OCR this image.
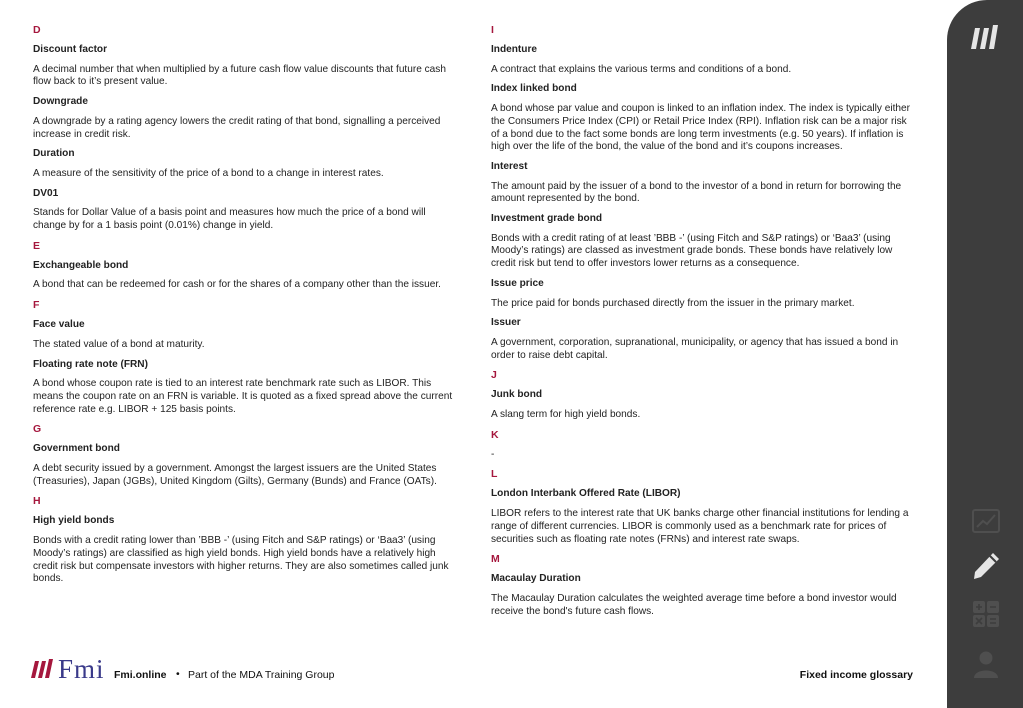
D
Discount factor
A decimal number that when multiplied by a future cash flow value discounts that future cash flow back to it’s present value.
Downgrade
A downgrade by a rating agency lowers the credit rating of that bond, signalling a perceived increase in credit risk.
Duration
A measure of the sensitivity of the price of a bond to a change in interest rates.
DV01
Stands for Dollar Value of a basis point and measures how much the price of a bond will change by for a 1 basis point (0.01%) change in yield.
E
Exchangeable bond
A bond that can be redeemed for cash or for the shares of a company other than the issuer.
F
Face value
The stated value of a bond at maturity.
Floating rate note (FRN)
A bond whose coupon rate is tied to an interest rate benchmark rate such as LIBOR. This means the coupon rate on an FRN is variable. It is quoted as a fixed spread above the current reference rate e.g. LIBOR + 125 basis points.
G
Government bond
A debt security issued by a government. Amongst the largest issuers are the United States (Treasuries), Japan (JGBs), United Kingdom (Gilts), Germany (Bunds) and France (OATs).
H
High yield bonds
Bonds with a credit rating lower than ’BBB -’ (using Fitch and S&P ratings) or ‘Baa3’ (using Moody’s ratings) are classified as high yield bonds. High yield bonds have a relatively high credit risk but compensate investors with higher returns. They are also sometimes called junk bonds.
I
Indenture
A contract that explains the various terms and conditions of a bond.
Index linked bond
A bond whose par value and coupon is linked to an inflation index. The index is typically either the Consumers Price Index (CPI) or Retail Price Index (RPI). Inflation risk can be a major risk of a bond due to the fact some bonds are long term investments (e.g. 50 years). If inflation is high over the life of the bond, the value of the bond and it’s coupons increases.
Interest
The amount paid by the issuer of a bond to the investor of a bond in return for borrowing the amount represented by the bond.
Investment grade bond
Bonds with a credit rating of at least ’BBB -’ (using Fitch and S&P ratings) or ‘Baa3’ (using Moody’s ratings) are classed as investment grade bonds. These bonds have relatively low credit risk but tend to offer investors lower returns as a consequence.
Issue price
The price paid for bonds purchased directly from the issuer in the primary market.
Issuer
A government, corporation, supranational, municipality, or agency that has issued a bond in order to raise debt capital.
J
Junk bond
A slang term for high yield bonds.
K
-
L
London Interbank Offered Rate (LIBOR)
LIBOR refers to the interest rate that UK banks charge other financial institutions for lending a range of different currencies. LIBOR is commonly used as a benchmark rate for prices of securities such as floating rate notes (FRNs) and interest rate swaps.
M
Macaulay Duration
The Macaulay Duration calculates the weighted average time before a bond investor would receive the bond's future cash flows.
Fmi Fmi.online • Part of the MDA Training Group	Fixed income glossary
